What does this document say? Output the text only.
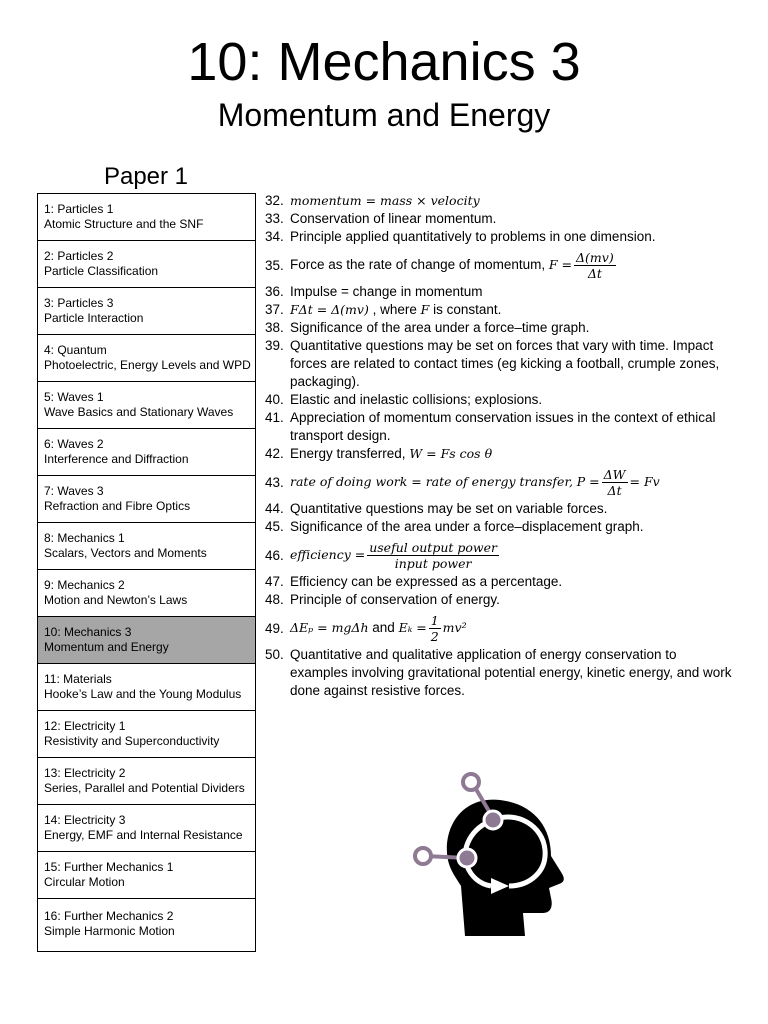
10: Mechanics 3
Momentum and Energy
Paper 1
1: Particles 1
Atomic Structure and the SNF
2: Particles 2
Particle Classification
3: Particles 3
Particle Interaction
4: Quantum
Photoelectric, Energy Levels and WPD
5: Waves 1
Wave Basics and Stationary Waves
6: Waves 2
Interference and Diffraction
7: Waves 3
Refraction and Fibre Optics
8: Mechanics 1
Scalars, Vectors and Moments
9: Mechanics 2
Motion and Newton’s Laws
10: Mechanics 3
Momentum and Energy
11: Materials
Hooke’s Law and the Young Modulus
12: Electricity 1
Resistivity and Superconductivity
13: Electricity 2
Series, Parallel and Potential Dividers
14: Electricity 3
Energy, EMF and Internal Resistance
15: Further Mechanics 1
Circular Motion
16: Further Mechanics 2
Simple Harmonic Motion
32. momentum = mass × velocity
33. Conservation of linear momentum.
34. Principle applied quantitatively to problems in one dimension.
35. Force as the rate of change of momentum, $F = \frac{\Delta(mv)}{\Delta t}$
36. Impulse = change in momentum
37. FΔt = Δ(mv) , where F is constant.
38. Significance of the area under a force–time graph.
39. Quantitative questions may be set on forces that vary with time. Impact forces are related to contact times (eg kicking a football, crumple zones, packaging).
40. Elastic and inelastic collisions; explosions.
41. Appreciation of momentum conservation issues in the context of ethical transport design.
42. Energy transferred, W = Fs cos θ
43. rate of doing work = rate of energy transfer, $P = \frac{\Delta W}{\Delta t} = Fv$
44. Quantitative questions may be set on variable forces.
45. Significance of the area under a force–displacement graph.
46. efficiency = $\frac{\text{useful output power}}{\text{input power}}$
47. Efficiency can be expressed as a percentage.
48. Principle of conservation of energy.
49. ΔEₚ = mgΔh and $E_k = \frac{1}{2} mv^2$
50. Quantitative and qualitative application of energy conservation to examples involving gravitational potential energy, kinetic energy, and work done against resistive forces.
